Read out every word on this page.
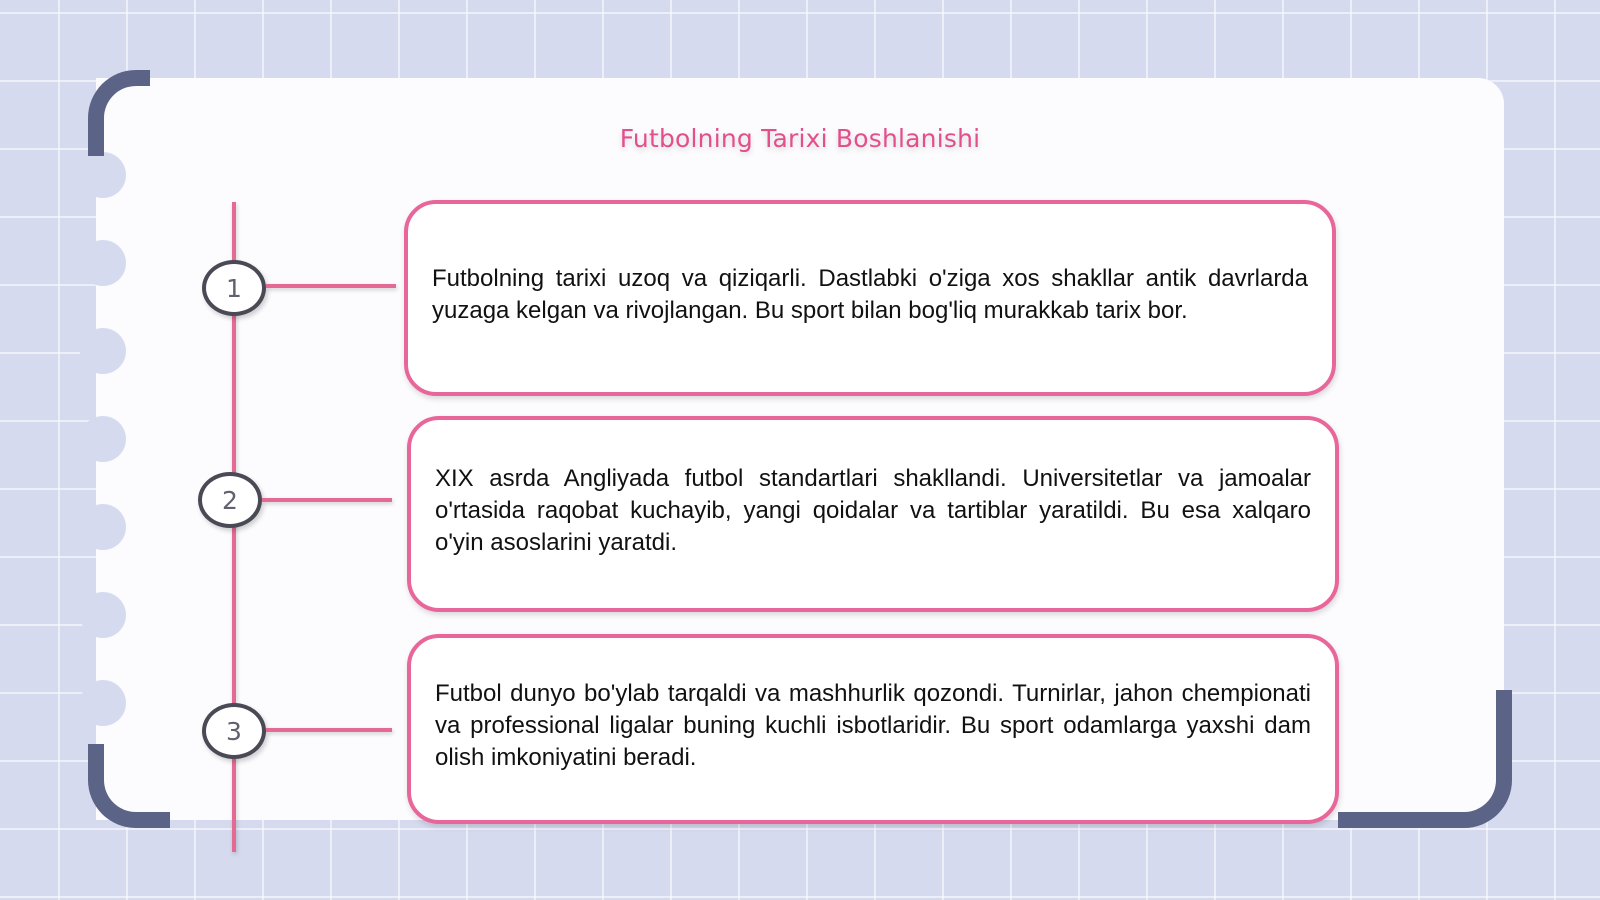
Futbolning Tarixi Boshlanishi
1	Futbolning tarixi uzoq va qiziqarli. Dastlabki o'ziga xos shakllar antik davrlarda yuzaga kelgan va rivojlangan. Bu sport bilan bog'liq murakkab tarix bor.
2
XIX asrda Angliyada futbol standartlari shakllandi. Universitetlar va jamoalar o'rtasida raqobat kuchayib, yangi qoidalar va tartiblar yaratildi. Bu esa xalqaro o'yin asoslarini yaratdi.
3
Futbol dunyo bo'ylab tarqaldi va mashhurlik qozondi. Turnirlar, jahon chempionati va professional ligalar buning kuchli isbotlaridir. Bu sport odamlarga yaxshi dam olish imkoniyatini beradi.
